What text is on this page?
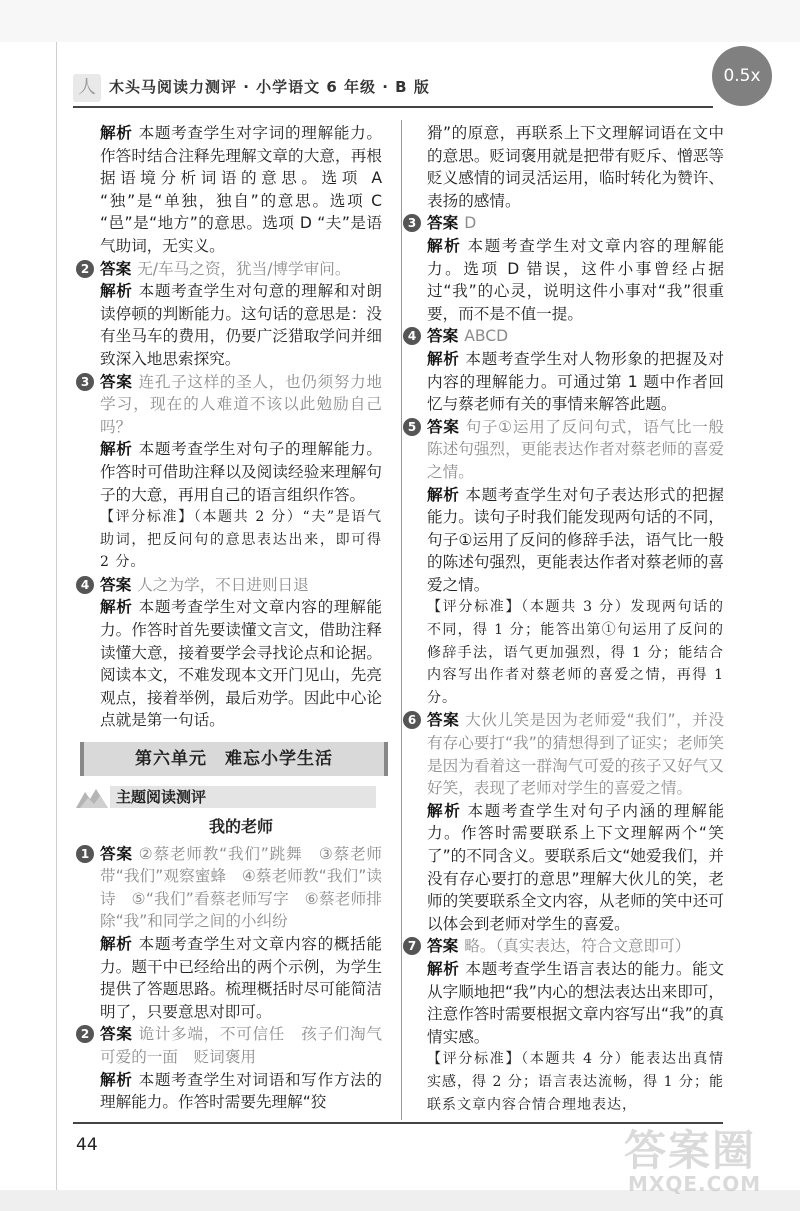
人 木头马阅读力测评 · 小学语文 6 年级 · B 版
0.5x
解析 本题考查学生对字词的理解能力。作答时结合注释先理解文章的大意，再根据语境分析词语的意思。选项 A “独”是“单独，独自”的意思。选项 C “邑”是“地方”的意思。选项 D “夫”是语气助词，无实义。
2 答案 无/车马之资，犹当/博学审问。
解析 本题考查学生对句意的理解和对朗读停顿的判断能力。这句话的意思是：没有坐马车的费用，仍要广泛猎取学问并细致深入地思索探究。
3 答案 连孔子这样的圣人，也仍须努力地学习，现在的人难道不该以此勉励自己吗？
解析 本题考查学生对句子的理解能力。作答时可借助注释以及阅读经验来理解句子的大意，再用自己的语言组织作答。
【评分标准】（本题共 2 分）“夫”是语气助词，把反问句的意思表达出来，即可得 2 分。
4 答案 人之为学，不日进则日退
解析 本题考查学生对文章内容的理解能力。作答时首先要读懂文言文，借助注释读懂大意，接着要学会寻找论点和论据。阅读本文，不难发现本文开门见山，先亮观点，接着举例，最后劝学。因此中心论点就是第一句话。
第六单元　难忘小学生活
主题阅读测评
我的老师
1 答案 ②蔡老师教“我们”跳舞　③蔡老师带“我们”观察蜜蜂　④蔡老师教“我们”读诗　⑤“我们”看蔡老师写字　⑥蔡老师排除“我”和同学之间的小纠纷
解析 本题考查学生对文章内容的概括能力。题干中已经给出的两个示例，为学生提供了答题思路。梳理概括时尽可能简洁明了，只要意思对即可。
2 答案 诡计多端，不可信任　孩子们淘气可爱的一面　贬词褒用
解析 本题考查学生对词语和写作方法的理解能力。作答时需要先理解“狡
猾”的原意，再联系上下文理解词语在文中的意思。贬词褒用就是把带有贬斥、憎恶等贬义感情的词灵活运用，临时转化为赞许、表扬的感情。
3 答案 D
解析 本题考查学生对文章内容的理解能力。选项 D 错误，这件小事曾经占据过“我”的心灵，说明这件小事对“我”很重要，而不是不值一提。
4 答案 ABCD
解析 本题考查学生对人物形象的把握及对内容的理解能力。可通过第 1 题中作者回忆与蔡老师有关的事情来解答此题。
5 答案 句子①运用了反问句式，语气比一般陈述句强烈，更能表达作者对蔡老师的喜爱之情。
解析 本题考查学生对句子表达形式的把握能力。读句子时我们能发现两句话的不同，句子①运用了反问的修辞手法，语气比一般的陈述句强烈，更能表达作者对蔡老师的喜爱之情。
【评分标准】（本题共 3 分）发现两句话的不同，得 1 分；能答出第①句运用了反问的修辞手法，语气更加强烈，得 1 分；能结合内容写出作者对蔡老师的喜爱之情，再得 1 分。
6 答案 大伙儿笑是因为老师爱“我们”，并没有存心要打“我”的猜想得到了证实；老师笑是因为看着这一群淘气可爱的孩子又好气又好笑，表现了老师对学生的喜爱之情。
解析 本题考查学生对句子内涵的理解能力。作答时需要联系上下文理解两个“笑了”的不同含义。要联系后文“她爱我们，并没有存心要打的意思”理解大伙儿的笑，老师的笑要联系全文内容，从老师的笑中还可以体会到老师对学生的喜爱。
7 答案 略。（真实表达，符合文意即可）
解析 本题考查学生语言表达的能力。能文从字顺地把“我”内心的想法表达出来即可，注意作答时需要根据文章内容写出“我”的真情实感。
【评分标准】（本题共 4 分）能表达出真情实感，得 2 分；语言表达流畅，得 1 分；能联系文章内容合情合理地表达，
44	答案圈
MXQE.COM
